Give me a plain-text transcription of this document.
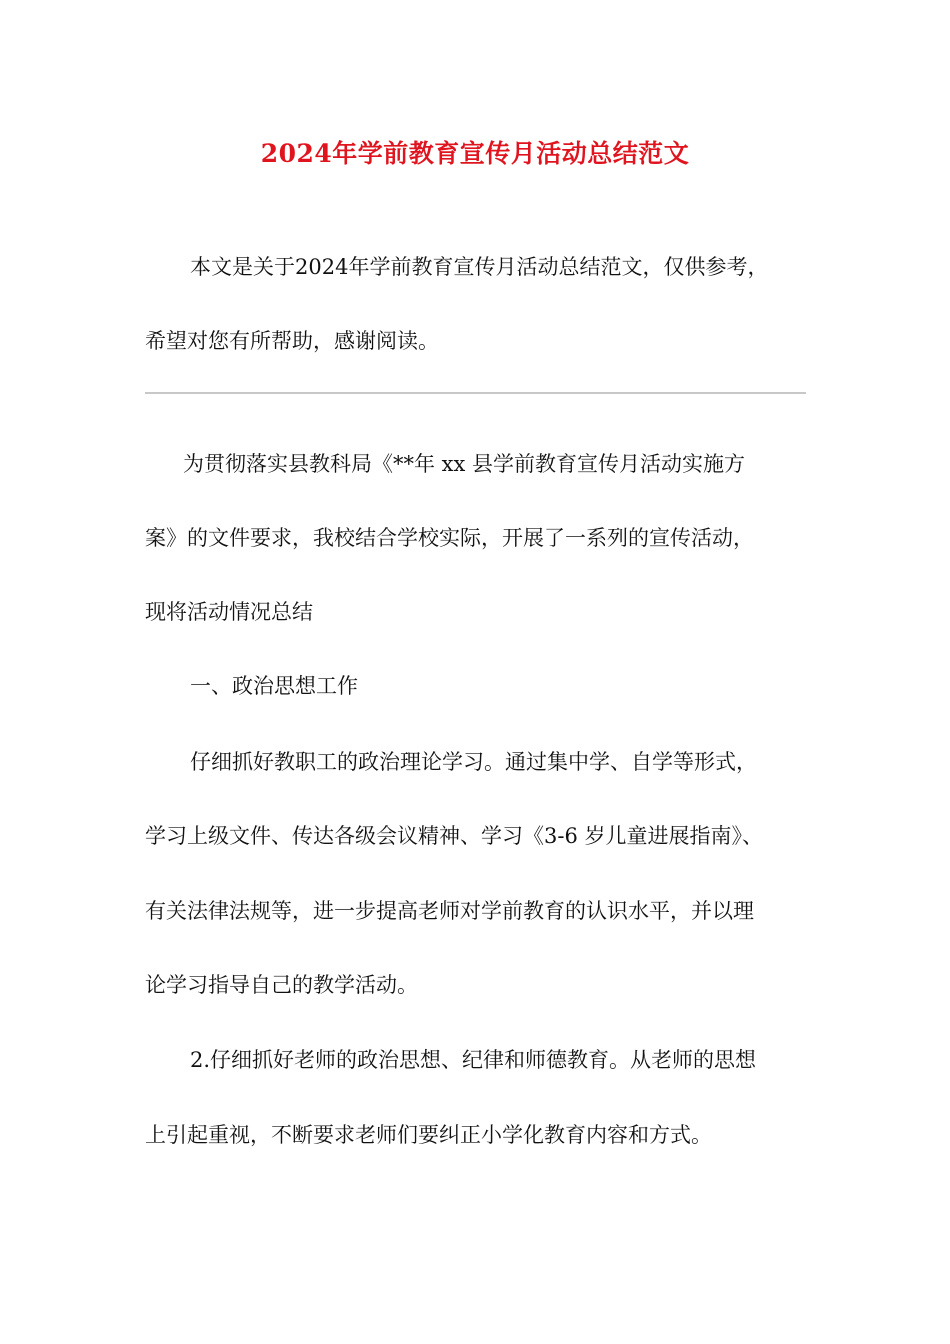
2024年学前教育宣传月活动总结范文
本文是关于2024年学前教育宣传月活动总结范文，仅供参考，
希望对您有所帮助，感谢阅读。
为贯彻落实县教科局《**年 xx 县学前教育宣传月活动实施方
案》的文件要求，我校结合学校实际，开展了一系列的宣传活动，
现将活动情况总结
一、政治思想工作
仔细抓好教职工的政治理论学习。通过集中学、自学等形式，
学习上级文件、传达各级会议精神、学习《3-6 岁儿童进展指南》、
有关法律法规等，进一步提高老师对学前教育的认识水平，并以理
论学习指导自己的教学活动。
2.仔细抓好老师的政治思想、纪律和师德教育。从老师的思想
上引起重视，不断要求老师们要纠正小学化教育内容和方式。
